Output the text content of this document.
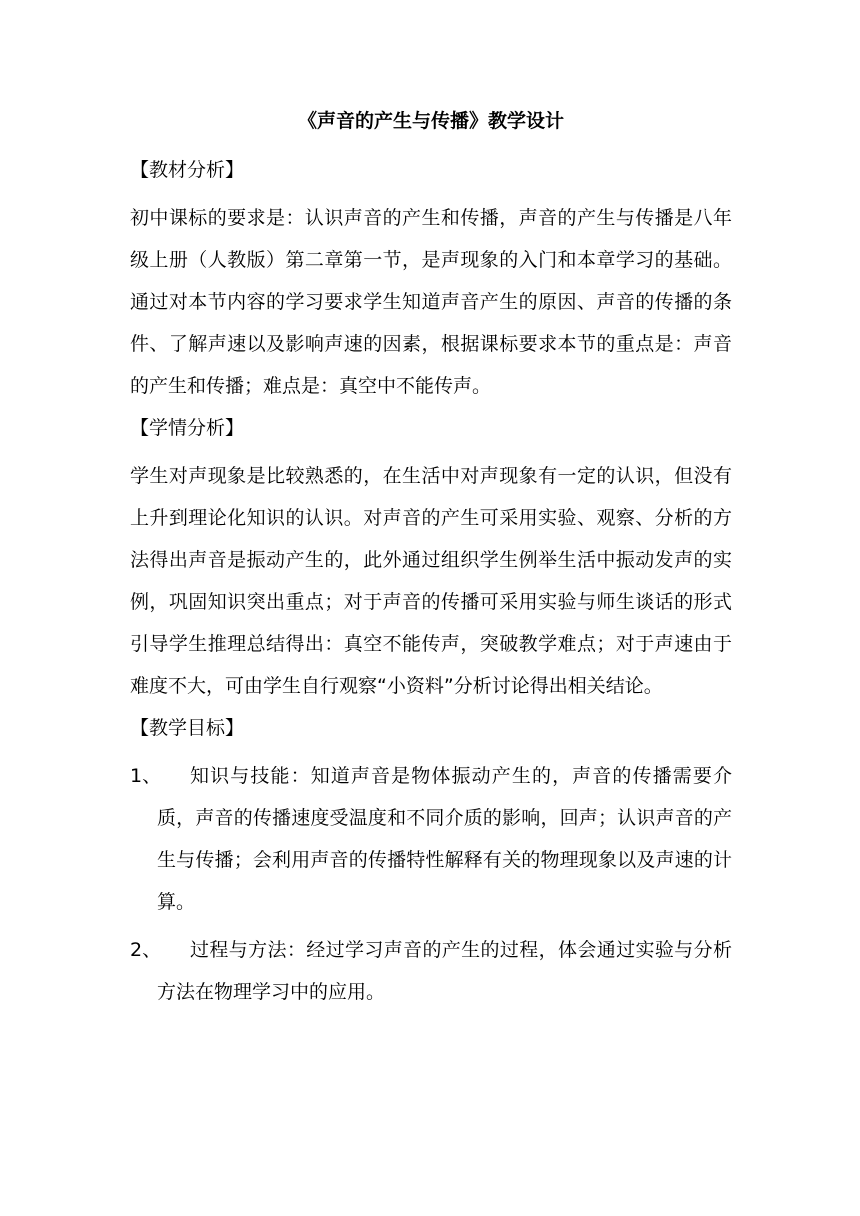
《声音的产生与传播》教学设计
【教材分析】
初中课标的要求是：认识声音的产生和传播，声音的产生与传播是八年级上册（人教版）第二章第一节，是声现象的入门和本章学习的基础。通过对本节内容的学习要求学生知道声音产生的原因、声音的传播的条件、了解声速以及影响声速的因素，根据课标要求本节的重点是：声音的产生和传播；难点是：真空中不能传声。
【学情分析】
学生对声现象是比较熟悉的，在生活中对声现象有一定的认识，但没有上升到理论化知识的认识。对声音的产生可采用实验、观察、分析的方法得出声音是振动产生的，此外通过组织学生例举生活中振动发声的实例，巩固知识突出重点；对于声音的传播可采用实验与师生谈话的形式引导学生推理总结得出：真空不能传声，突破教学难点；对于声速由于难度不大，可由学生自行观察“小资料”分析讨论得出相关结论。
【教学目标】
1、	知识与技能：知道声音是物体振动产生的，声音的传播需要介质，声音的传播速度受温度和不同介质的影响，回声；认识声音的产生与传播；会利用声音的传播特性解释有关的物理现象以及声速的计算。
2、	过程与方法：经过学习声音的产生的过程，体会通过实验与分析方法在物理学习中的应用。
